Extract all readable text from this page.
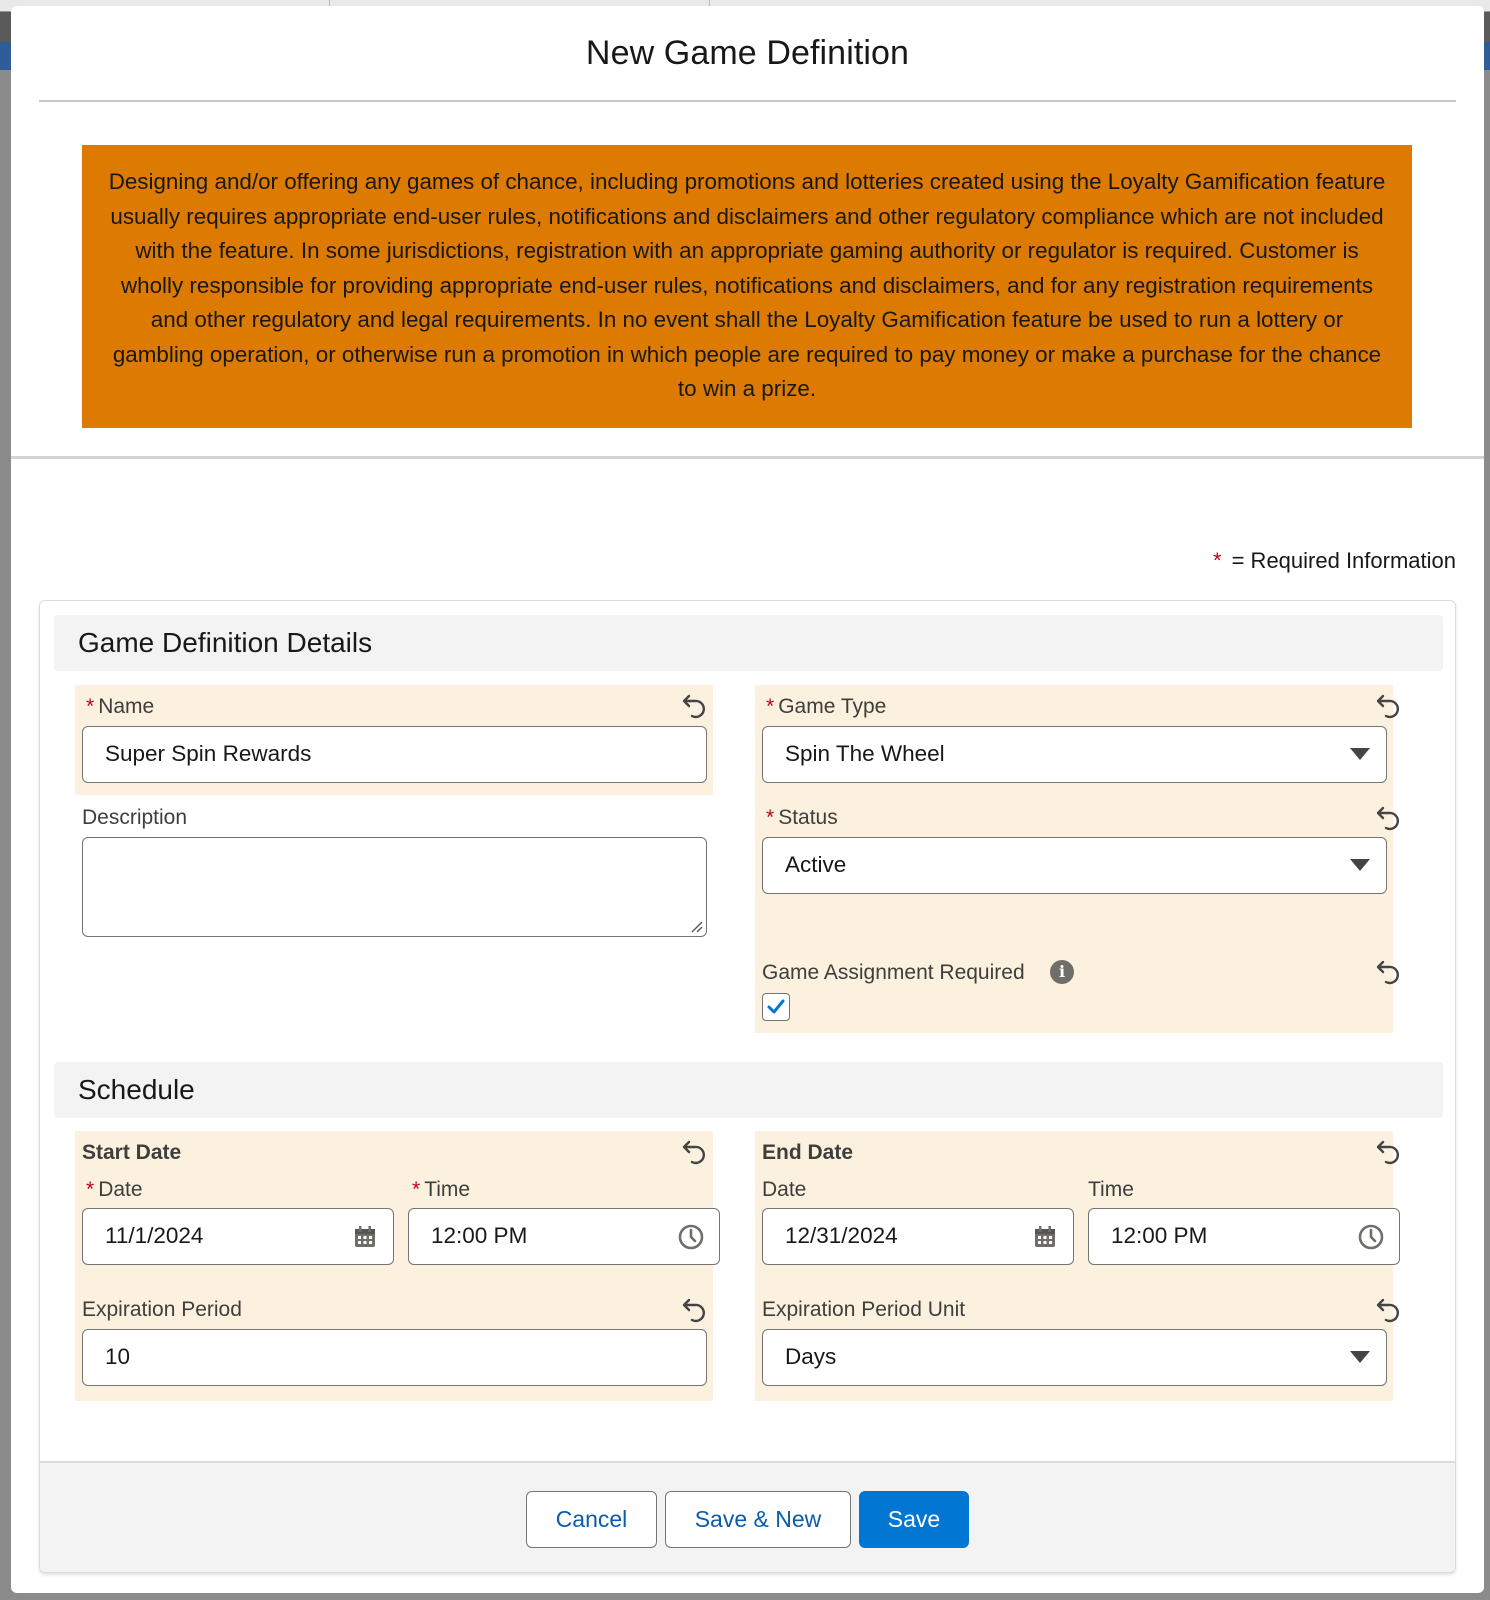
New Game Definition
Designing and/or offering any games of chance, including promotions and lotteries created using the Loyalty Gamification feature usually requires appropriate end-user rules, notifications and disclaimers and other regulatory compliance which are not included with the feature. In some jurisdictions, registration with an appropriate gaming authority or regulator is required. Customer is wholly responsible for providing appropriate end-user rules, notifications and disclaimers, and for any registration requirements and other regulatory and legal requirements. In no event shall the Loyalty Gamification feature be used to run a lottery or gambling operation, or otherwise run a promotion in which people are required to pay money or make a purchase for the chance to win a prize.
* = Required Information
Game Definition Details
* Name
Super Spin Rewards
Description
* Game Type
Spin The Wheel
* Status
Active
Game Assignment Required	i
Schedule
Start Date
* Date	* Time
11/1/2024	12:00 PM
Expiration Period
10
End Date
Date	Time
12/31/2024	12:00 PM
Expiration Period Unit
Days
Cancel	Save & New	Save
